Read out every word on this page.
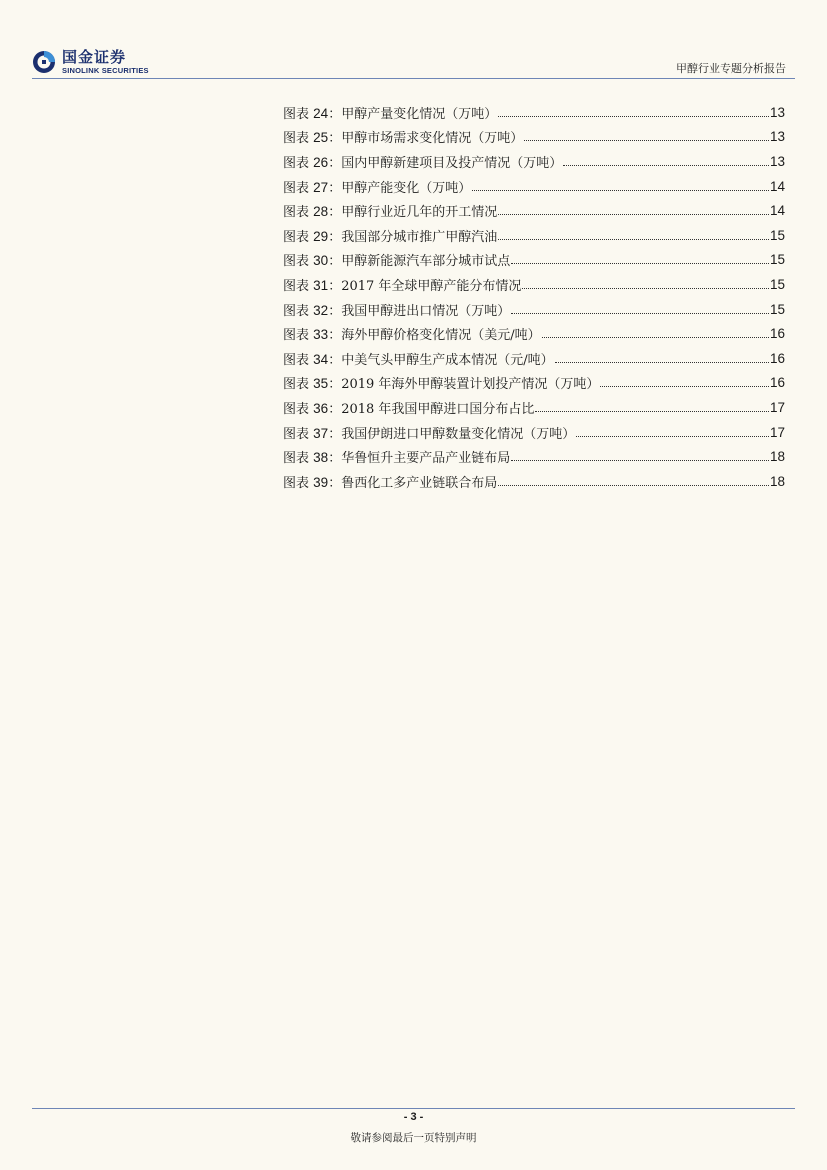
国金证券
SINOLINK SECURITIES	甲醇行业专题分析报告
图表 24： 甲醇产量变化情况（万吨）	13
图表 25： 甲醇市场需求变化情况（万吨）	13
图表 26： 国内甲醇新建项目及投产情况（万吨）	13
图表 27： 甲醇产能变化（万吨）	14
图表 28： 甲醇行业近几年的开工情况	14
图表 29： 我国部分城市推广甲醇汽油	15
图表 30： 甲醇新能源汽车部分城市试点	15
图表 31： 2017 年全球甲醇产能分布情况	15
图表 32： 我国甲醇进出口情况（万吨）	15
图表 33： 海外甲醇价格变化情况（美元/吨）	16
图表 34： 中美气头甲醇生产成本情况（元/吨）	16
图表 35： 2019 年海外甲醇装置计划投产情况（万吨）	16
图表 36： 2018 年我国甲醇进口国分布占比	17
图表 37： 我国伊朗进口甲醇数量变化情况（万吨）	17
图表 38： 华鲁恒升主要产品产业链布局	18
图表 39： 鲁西化工多产业链联合布局	18
- 3 -
敬请参阅最后一页特别声明
